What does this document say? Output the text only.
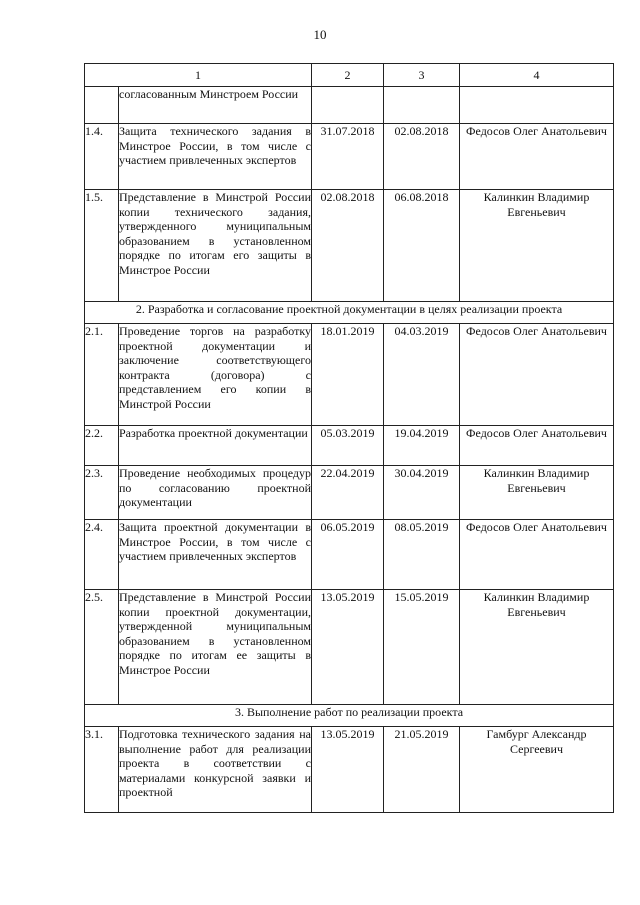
10
1		2	3	4
	согласованным Минстроем России			
1.4.	Защита технического задания в Минстрое России, в том числе с участием привлеченных экспертов	31.07.2018	02.08.2018	Федосов Олег Анатольевич
1.5.	Представление в Минстрой России копии технического задания, утвержденного муниципальным образованием в установленном порядке по итогам его защиты в Минстрое России	02.08.2018	06.08.2018	Калинкин Владимир Евгеньевич
2. Разработка и согласование проектной документации в целях реализации проекта				
2.1.	Проведение торгов на разработку проектной документации и заключение соответствующего контракта (договора) с представлением его копии в Минстрой России	18.01.2019	04.03.2019	Федосов Олег Анатольевич
2.2.	Разработка проектной документации	05.03.2019	19.04.2019	Федосов Олег Анатольевич
2.3.	Проведение необходимых процедур по согласованию проектной документации	22.04.2019	30.04.2019	Калинкин Владимир Евгеньевич
2.4.	Защита проектной документации в Минстрое России, в том числе с участием привлеченных экспертов	06.05.2019	08.05.2019	Федосов Олег Анатольевич
2.5.	Представление в Минстрой России копии проектной документации, утвержденной муниципальным образованием в установленном порядке по итогам ее защиты в Минстрое России	13.05.2019	15.05.2019	Калинкин Владимир Евгеньевич
3. Выполнение работ по реализации проекта				
3.1.	Подготовка технического задания на выполнение работ для реализации проекта в соответствии с материалами конкурсной заявки и проектной	13.05.2019	21.05.2019	Гамбург Александр Сергеевич
